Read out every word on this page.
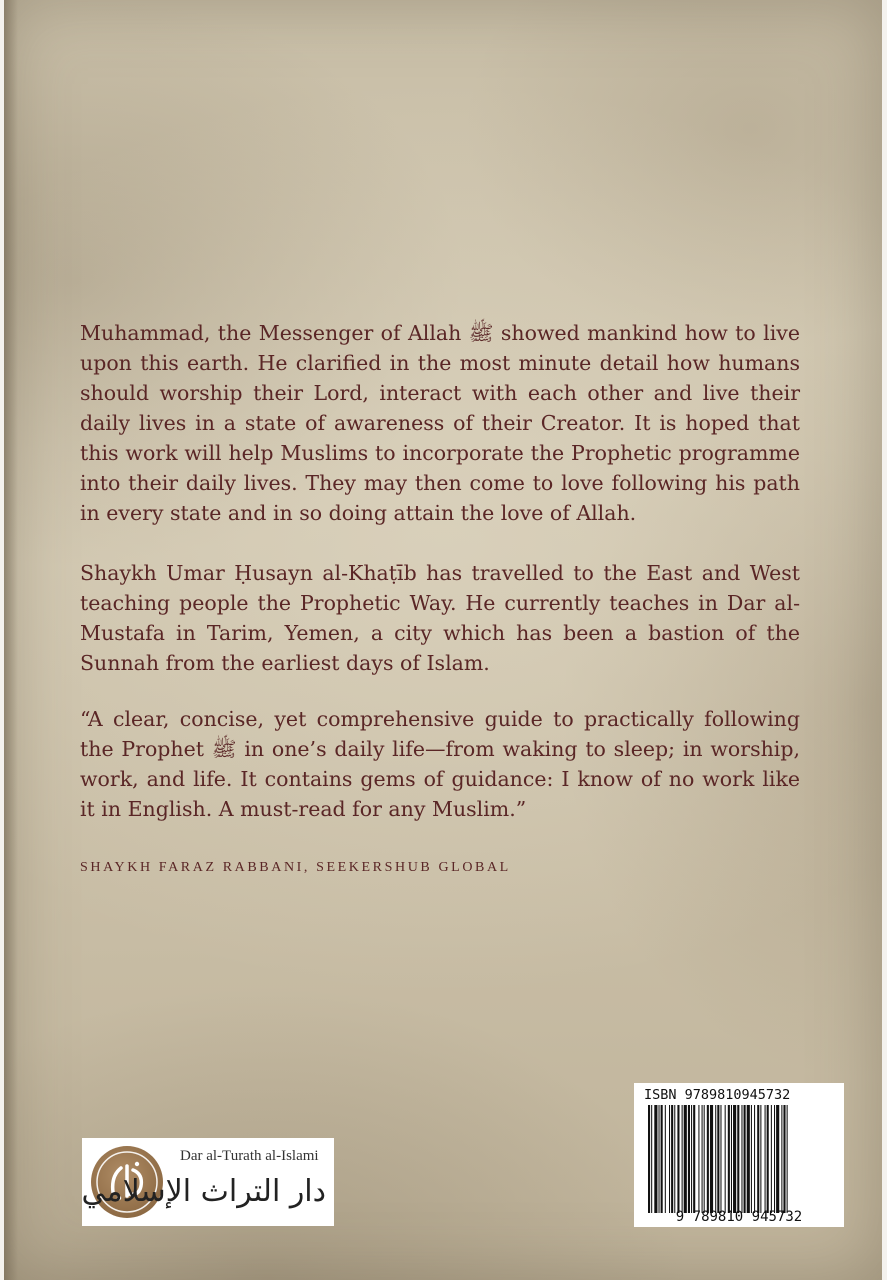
Muhammad, the Messenger of Allah ﷺ showed mankind how to live upon this earth. He clarified in the most minute detail how humans should worship their Lord, interact with each other and live their daily lives in a state of awareness of their Creator. It is hoped that this work will help Muslims to incorporate the Prophetic programme into their daily lives. They may then come to love following his path in every state and in so doing attain the love of Allah.

Shaykh Umar Ḥusayn al-Khaṭīb has travelled to the East and West teaching people the Prophetic Way. He currently teaches in Dar al-Mustafa in Tarim, Yemen, a city which has been a bastion of the Sunnah from the earliest days of Islam.

“A clear, concise, yet comprehensive guide to practically following the Prophet ﷺ in one’s daily life—from waking to sleep; in worship, work, and life. It contains gems of guidance: I know of no work like it in English. A must-read for any Muslim.”

SHAYKH FARAZ RABBANI, SEEKERSHUB GLOBAL

Dar al-Turath al-Islami
دار التراث الإسلامي
ISBN 9789810945732
9 789810 945732
